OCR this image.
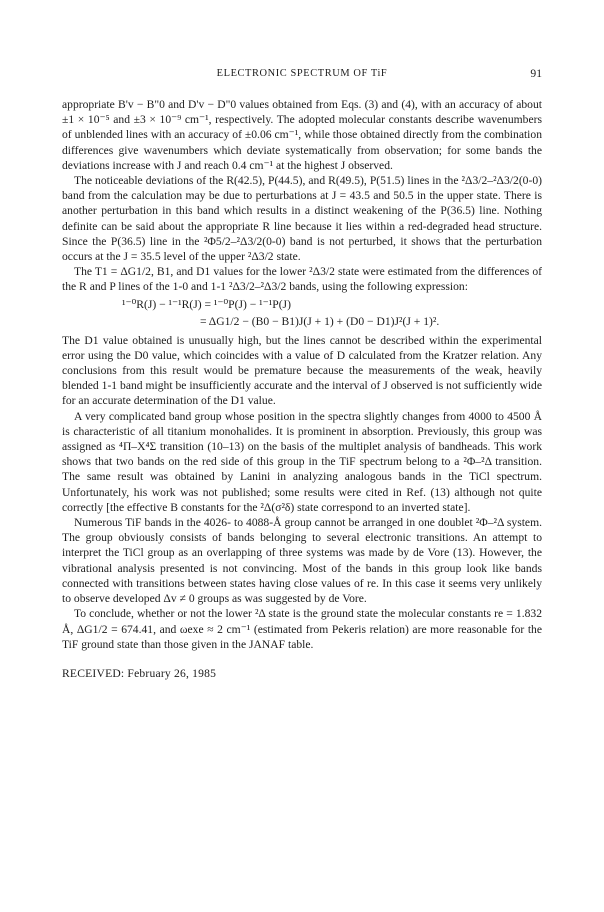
ELECTRONIC SPECTRUM OF TiF	91

appropriate B'v − B"0 and D'v − D"0 values obtained from Eqs. (3) and (4), with an accuracy of about ±1 × 10⁻⁵ and ±3 × 10⁻⁹ cm⁻¹, respectively. The adopted molecular constants describe wavenumbers of unblended lines with an accuracy of ±0.06 cm⁻¹, while those obtained directly from the combination differences give wavenumbers which deviate systematically from observation; for some bands the deviations increase with J and reach 0.4 cm⁻¹ at the highest J observed.

The noticeable deviations of the R(42.5), P(44.5), and R(49.5), P(51.5) lines in the ²Δ3/2–²Δ3/2(0-0) band from the calculation may be due to perturbations at J = 43.5 and 50.5 in the upper state. There is another perturbation in this band which results in a distinct weakening of the P(36.5) line. Nothing definite can be said about the appropriate R line because it lies within a red-degraded head structure. Since the P(36.5) line in the ²Φ5/2–²Δ3/2(0-0) band is not perturbed, it shows that the perturbation occurs at the J = 35.5 level of the upper ²Δ3/2 state.

The T1 = ΔG1/2, B1, and D1 values for the lower ²Δ3/2 state were estimated from the differences of the R and P lines of the 1-0 and 1-1 ²Δ3/2–²Δ3/2 bands, using the following expression:

¹⁻⁰R(J) − ¹⁻¹R(J) = ¹⁻⁰P(J) − ¹⁻¹P(J)
= ΔG1/2 − (B0 − B1)J(J + 1) + (D0 − D1)J²(J + 1)².

The D1 value obtained is unusually high, but the lines cannot be described within the experimental error using the D0 value, which coincides with a value of D calculated from the Kratzer relation. Any conclusions from this result would be premature because the measurements of the weak, heavily blended 1-1 band might be insufficiently accurate and the interval of J observed is not sufficiently wide for an accurate determination of the D1 value.

A very complicated band group whose position in the spectra slightly changes from 4000 to 4500 Å is characteristic of all titanium monohalides. It is prominent in absorption. Previously, this group was assigned as ⁴Π–X⁴Σ transition (10–13) on the basis of the multiplet analysis of bandheads. This work shows that two bands on the red side of this group in the TiF spectrum belong to a ²Φ–²Δ transition. The same result was obtained by Lanini in analyzing analogous bands in the TiCl spectrum. Unfortunately, his work was not published; some results were cited in Ref. (13) although not quite correctly [the effective B constants for the ²Δ(σ²δ) state correspond to an inverted state].

Numerous TiF bands in the 4026- to 4088-Å group cannot be arranged in one doublet ²Φ–²Δ system. The group obviously consists of bands belonging to several electronic transitions. An attempt to interpret the TiCl group as an overlapping of three systems was made by de Vore (13). However, the vibrational analysis presented is not convincing. Most of the bands in this group look like bands connected with transitions between states having close values of re. In this case it seems very unlikely to observe developed Δv ≠ 0 groups as was suggested by de Vore.

To conclude, whether or not the lower ²Δ state is the ground state the molecular constants re = 1.832 Å, ΔG1/2 = 674.41, and ωexe ≈ 2 cm⁻¹ (estimated from Pekeris relation) are more reasonable for the TiF ground state than those given in the JANAF table.

RECEIVED: February 26, 1985
